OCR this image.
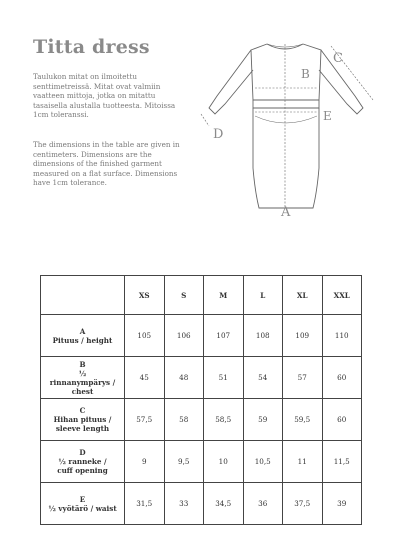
Titta dress
Taulukon mitat on ilmoitettu senttimetreissä. Mitat ovat valmiin vaatteen mittoja, jotka on mitattu tasaisella alustalla tuotteesta. Mitoissa 1cm toleranssi.
The dimensions in the table are given in centimeters. Dimensions are the dimensions of the finished garment measured on a flat surface. Dimensions have 1cm tolerance.
A
B
C
D
E
	XS	S	M	L	XL	XXL

A
Pituus / height	105	106	107	108	109	110

B
½
rinnanympärys /
chest	45	48	51	54	57	60

C
Hihan pituus /
sleeve length	57,5	58	58,5	59	59,5	60

D
½ ranneke /
cuff opening	9	9,5	10	10,5	11	11,5

E
½ vyötärö / waist	31,5	33	34,5	36	37,5	39
